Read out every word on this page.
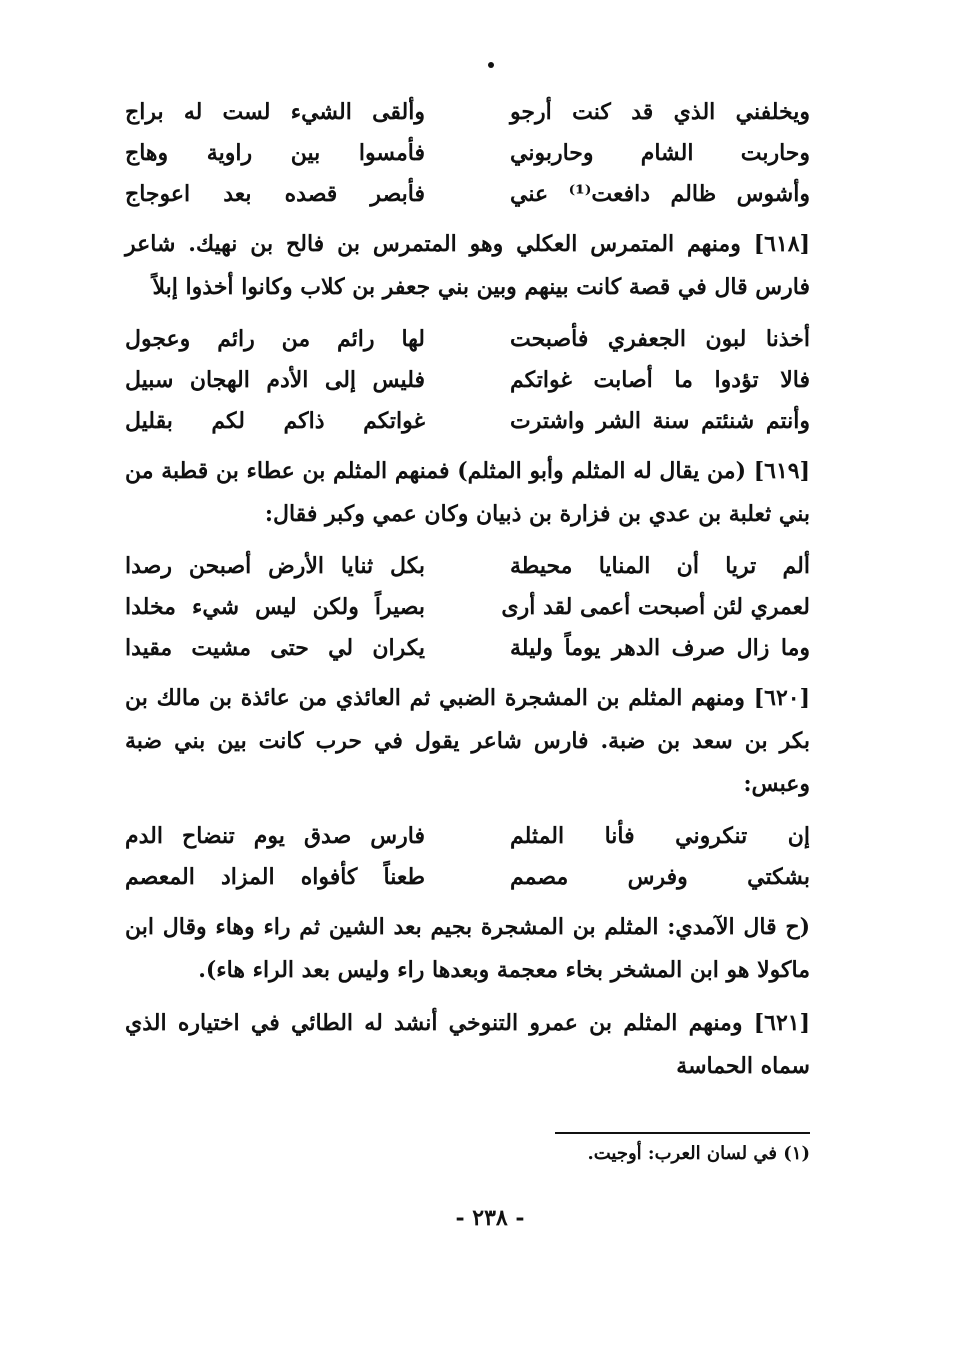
ويخلفني الذي قد كنت أرجو
وألقى الشيء لست له براج
وحاربت الشام وحاربوني
فأمسوا بين راوية وهاج
وأشوس ظالم دافعت⁽¹⁾ عني
فأبصر قصده بعد اعوجاج

[٦١٨] ومنهم المتمرس العكلي وهو المتمرس بن فالح بن نهيك. شاعر فارس قال في قصة كانت بينهم وبين بني جعفر بن كلاب وكانوا أخذوا إبلاً

أخذنا لبون الجعفري فأصبحت
لها رائم من رائم وعجول
فالا تؤدوا ما أصابت غواتكم
فليس إلى الأدم الهجان سبيل
وأنتم شنئتم سنة الشر واشترت
غواتكم ذاكم لكم بقليل

[٦١٩] (من يقال له المثلم وأبو المثلم) فمنهم المثلم بن عطاء بن قطبة من بني ثعلبة بن عدي بن فزارة بن ذبيان وكان عمي وكبر فقال:

ألم تريا أن المنايا محيطة
بكل ثنايا الأرض أصبحن رصدا
لعمري لئن أصبحت أعمى لقد أرى
بصيراً ولكن ليس شيء مخلدا
وما زال صرف الدهر يوماً وليلة
يكران لي حتى مشيت مقيدا

[٦٢٠] ومنهم المثلم بن المشجرة الضبي ثم العائذي من عائذة بن مالك بن بكر بن سعد بن ضبة. فارس شاعر يقول في حرب كانت بين بني ضبة وعبس:

إن تنكروني فأنا المثلم
فارس صدق يوم تنضاح الدم
بشكتي وفرس مصمم
طعناً كأفواه المزاد المعصم

(ح قال الآمدي: المثلم بن المشجرة بجيم بعد الشين ثم راء وهاء وقال ابن ماكولا هو ابن المشخر بخاء معجمة وبعدها راء وليس بعد الراء هاء).

[٦٢١] ومنهم المثلم بن عمرو التنوخي أنشد له الطائي في اختياره الذي سماه الحماسة

(١) في لسان العرب: أوجيت.
- ٢٣٨ -
